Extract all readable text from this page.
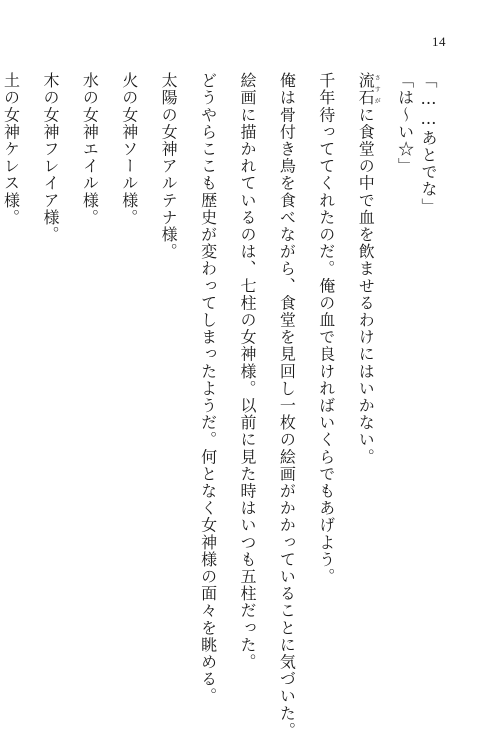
14
「……あとでな」
「は～い☆」
流石さすがに食堂の中で血を飲ませるわけにはいかない。
千年待っててくれたのだ。俺の血で良ければいくらでもあげよう。
俺は骨付き鳥を食べながら、食堂を見回し一枚の絵画がかかっていることに気づいた。
絵画に描かれているのは、七柱の女神様。以前に見た時はいつも五柱だった。
どうやらここも歴史が変わってしまったようだ。何となく女神様の面々を眺める。
太陽の女神アルテナ様。
火の女神ソール様。
水の女神エイル様。
木の女神フレイア様。
土の女神ケレス様。
